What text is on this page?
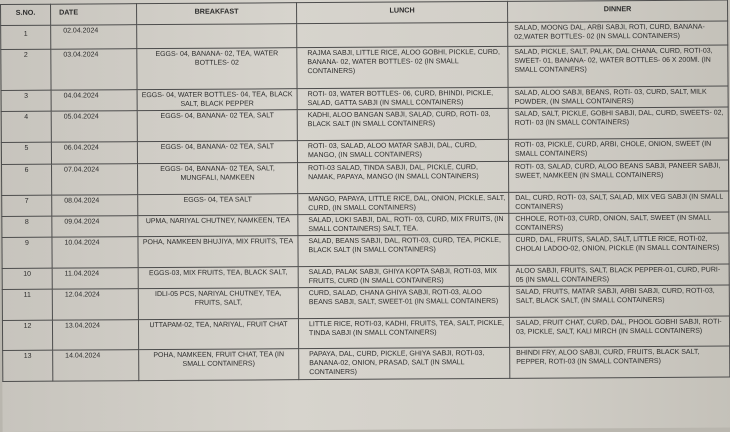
S.NO.	DATE	BREAKFAST	LUNCH	DINNER
1	02.04.2024			SALAD, MOONG DAL, ARBI SABJI, ROTI, CURD, BANANA-02,WATER BOTTLES- 02 (IN SMALL CONTAINERS)
2	03.04.2024	EGGS- 04, BANANA- 02, TEA, WATER BOTTLES- 02	RAJMA SABJI, LITTLE RICE, ALOO GOBHI, PICKLE, CURD, BANANA- 02, WATER BOTTLES- 02 (IN SMALL CONTAINERS)	SALAD, PICKLE, SALT, PALAK, DAL CHANA, CURD, ROTI-03, SWEET- 01, BANANA- 02, WATER BOTTLES- 06 X 200Ml. (IN SMALL CONTAINERS)
3	04.04.2024	EGGS- 04, WATER BOTTLES- 04, TEA, BLACK SALT, BLACK PEPPER	ROTI- 03, WATER BOTTLES- 06, CURD, BHINDI, PICKLE, SALAD, GATTA SABJI (IN SMALL CONTAINERS)	SALAD, ALOO SABJI, BEANS, ROTI- 03, CURD, SALT, MILK POWDER, (IN SMALL CONTAINERS)
4	05.04.2024	EGGS- 04, BANANA- 02 TEA, SALT	KADHI, ALOO BANGAN SABJI, SALAD, CURD, ROTI- 03, BLACK SALT (IN SMALL CONTAINERS)	SALAD, SALT, PICKLE, GOBHI SABJI, DAL, CURD, SWEETS- 02, ROTI- 03 (IN SMALL CONTAINERS)
5	06.04.2024	EGGS- 04, BANANA- 02 TEA, SALT	ROTI- 03, SALAD, ALOO MATAR SABJI, DAL, CURD, MANGO, (IN SMALL CONTAINERS)	ROTI- 03, PICKLE, CURD, ARBI, CHOLE, ONION, SWEET (IN SMALL CONTAINERS)
6	07.04.2024	EGGS- 04, BANANA- 02 TEA, SALT, MUNGFALI, NAMKEEN	ROTI-03 SALAD, TINDA SABJI, DAL, PICKLE, CURD, NAMAK, PAPAYA, MANGO (IN SMALL CONTAINERS)	ROTI- 03, SALAD, CURD, ALOO BEANS SABJI, PANEER SABJI, SWEET, NAMKEEN (IN SMALL CONTAINERS)
7	08.04.2024	EGGS- 04, TEA SALT	MANGO, PAPAYA, LITTLE RICE, DAL, ONION, PICKLE, SALT, CURD, (IN SMALL CONTAINERS)	DAL, CURD, ROTI- 03, SALT, SALAD, MIX VEG SABJI (IN SMALL CONTAINERS)
8	09.04.2024	UPMA, NARIYAL CHUTNEY, NAMKEEN, TEA	SALAD, LOKI SABJI, DAL, ROTI- 03, CURD, MIX FRUITS, (IN SMALL CONTAINERS) SALT, TEA.	CHHOLE, ROTI-03, CURD, ONION, SALT, SWEET (IN SMALL CONTAINERS)
9	10.04.2024	POHA, NAMKEEN BHUJIYA, MIX FRUITS, TEA	SALAD, BEANS SABJI, DAL, ROTI-03, CURD, TEA, PICKLE, BLACK SALT (IN SMALL CONTAINERS)	CURD, DAL, FRUITS, SALAD, SALT, LITTLE RICE, ROTI-02, CHOLAI LADOO-02, ONION, PICKLE (IN SMALL CONTAINERS)
10	11.04.2024	EGGS-03, MIX FRUITS, TEA, BLACK SALT,	SALAD, PALAK SABJI, GHIYA KOPTA SABJI, ROTI-03, MIX FRUITS, CURD (IN SMALL CONTAINERS)	ALOO SABJI, FRUITS, SALT, BLACK PEPPER-01, CURD, PURI-05 (IN SMALL CONTAINERS)
11	12.04.2024	IDLI-05 PCS, NARIYAL CHUTNEY, TEA, FRUITS, SALT,	CURD, SALAD, CHANA GHIYA SABJI, ROTI-03, ALOO BEANS SABJI, SALT, SWEET-01 (IN SMALL CONTAINERS)	SALAD, FRUITS, MATAR SABJI, ARBI SABJI, CURD, ROTI-03, SALT, BLACK SALT, (IN SMALL CONTAINERS)
12	13.04.2024	UTTAPAM-02, TEA, NARIYAL, FRUIT CHAT	LITTLE RICE, ROTI-03, KADHI, FRUITS, TEA, SALT, PICKLE, TINDA SABJI (IN SMALL CONTAINERS)	SALAD, FRUIT CHAT, CURD, DAL, PHOOL GOBHI SABJI, ROTI-03, PICKLE, SALT, KALI MIRCH (IN SMALL CONTAINERS)
13	14.04.2024	POHA, NAMKEEN, FRUIT CHAT, TEA (IN SMALL CONTAINERS)	PAPAYA, DAL, CURD, PICKLE, GHIYA SABJI, ROTI-03, BANANA-02, ONION, PRASAD, SALT (IN SMALL CONTAINERS)	BHINDI FRY, ALOO SABJI, CURD, FRUITS, BLACK SALT, PEPPER, ROTI-03 (IN SMALL CONTAINERS)
